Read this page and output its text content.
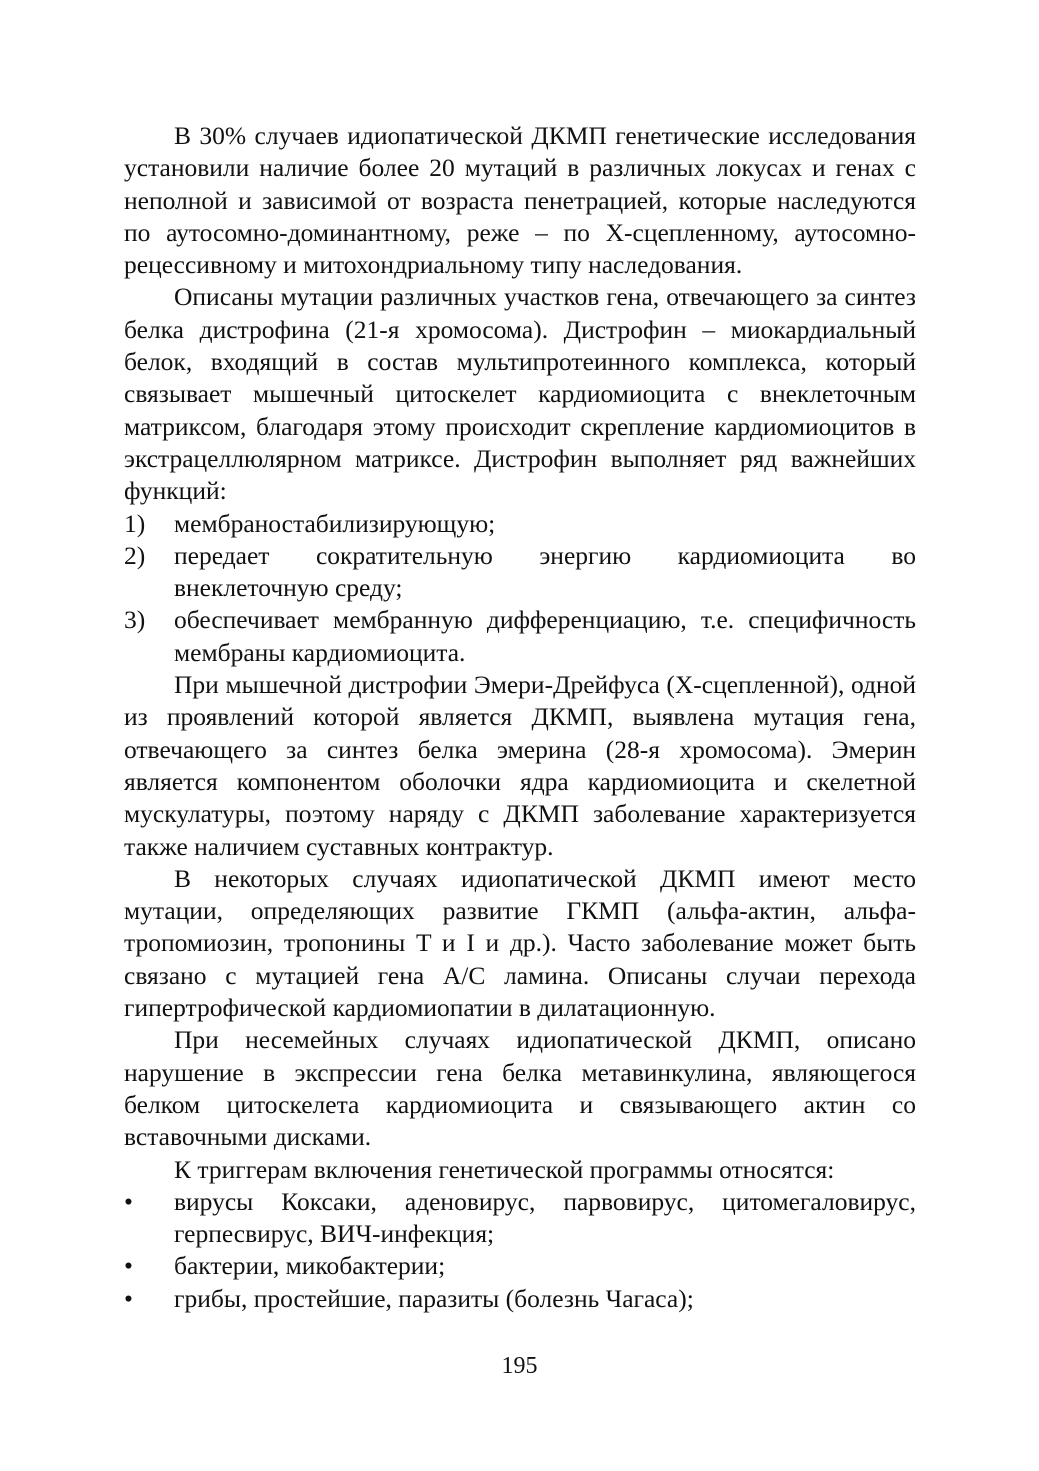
В 30% случаев идиопатической ДКМП генетические исследования установили наличие более 20 мутаций в различных локусах и генах с неполной и зависимой от возраста пенетрацией, которые наследуются по аутосомно-доминантному, реже – по X-сцепленному, аутосомно-рецессивному и митохондриальному типу наследования.

Описаны мутации различных участков гена, отвечающего за синтез белка дистрофина (21-я хромосома). Дистрофин – миокардиальный белок, входящий в состав мультипротеинного комплекса, который связывает мышечный цитоскелет кардиомиоцита с внеклеточным матриксом, благодаря этому происходит скрепление кардиомиоцитов в экстрацеллюлярном матриксе. Дистрофин выполняет ряд важнейших функций:

1) мембраностабилизирующую;
2) передает сократительную энергию кардиомиоцита во внеклеточную среду;
3) обеспечивает мембранную дифференциацию, т.е. специфичность мембраны кардиомиоцита.

При мышечной дистрофии Эмери-Дрейфуса (X-сцепленной), одной из проявлений которой является ДКМП, выявлена мутация гена, отвечающего за синтез белка эмерина (28-я хромосома). Эмерин является компонентом оболочки ядра кардиомиоцита и скелетной мускулатуры, поэтому наряду с ДКМП заболевание характеризуется также наличием суставных контрактур.

В некоторых случаях идиопатической ДКМП имеют место мутации, определяющих развитие ГКМП (альфа-актин, альфа-тропомиозин, тропонины T и I и др.). Часто заболевание может быть связано с мутацией гена A/C ламина. Описаны случаи перехода гипертрофической кардиомиопатии в дилатационную.

При несемейных случаях идиопатической ДКМП, описано нарушение в экспрессии гена белка метавинкулина, являющегося белком цитоскелета кардиомиоцита и связывающего актин со вставочными дисками.

К триггерам включения генетической программы относятся:

• вирусы Коксаки, аденовирус, парвовирус, цитомегаловирус, герпесвирус, ВИЧ-инфекция;
• бактерии, микобактерии;
• грибы, простейшие, паразиты (болезнь Чагаса);
195
